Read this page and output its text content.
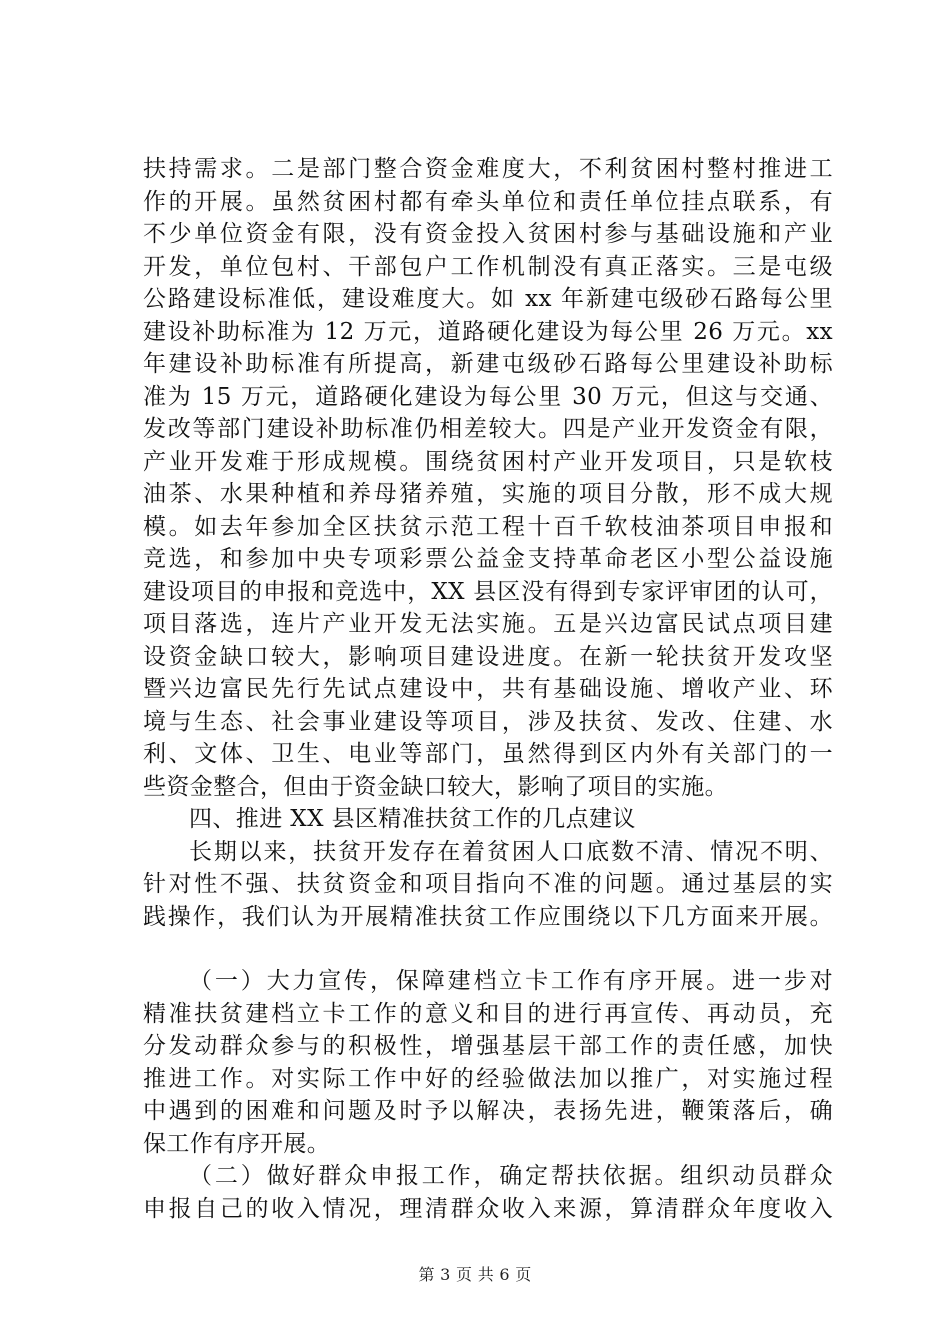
扶持需求。二是部门整合资金难度大，不利贫困村整村推进工
作的开展。虽然贫困村都有牵头单位和责任单位挂点联系，有
不少单位资金有限，没有资金投入贫困村参与基础设施和产业
开发，单位包村、干部包户工作机制没有真正落实。三是屯级
公路建设标准低，建设难度大。如 xx 年新建屯级砂石路每公里
建设补助标准为 12 万元，道路硬化建设为每公里 26 万元。xx
年建设补助标准有所提高，新建屯级砂石路每公里建设补助标
准为 15 万元，道路硬化建设为每公里 30 万元，但这与交通、
发改等部门建设补助标准仍相差较大。四是产业开发资金有限，
产业开发难于形成规模。围绕贫困村产业开发项目，只是软枝
油茶、水果种植和养母猪养殖，实施的项目分散，形不成大规
模。如去年参加全区扶贫示范工程十百千软枝油茶项目申报和
竞选，和参加中央专项彩票公益金支持革命老区小型公益设施
建设项目的申报和竞选中，XX 县区没有得到专家评审团的认可，
项目落选，连片产业开发无法实施。五是兴边富民试点项目建
设资金缺口较大，影响项目建设进度。在新一轮扶贫开发攻坚
暨兴边富民先行先试点建设中，共有基础设施、增收产业、环
境与生态、社会事业建设等项目，涉及扶贫、发改、住建、水
利、文体、卫生、电业等部门，虽然得到区内外有关部门的一
些资金整合，但由于资金缺口较大，影响了项目的实施。
四、推进 XX 县区精准扶贫工作的几点建议
长期以来，扶贫开发存在着贫困人口底数不清、情况不明、
针对性不强、扶贫资金和项目指向不准的问题。通过基层的实
践操作，我们认为开展精准扶贫工作应围绕以下几方面来开展。
（一）大力宣传，保障建档立卡工作有序开展。进一步对
精准扶贫建档立卡工作的意义和目的进行再宣传、再动员，充
分发动群众参与的积极性，增强基层干部工作的责任感，加快
推进工作。对实际工作中好的经验做法加以推广，对实施过程
中遇到的困难和问题及时予以解决，表扬先进，鞭策落后，确
保工作有序开展。
（二）做好群众申报工作，确定帮扶依据。组织动员群众
申报自己的收入情况，理清群众收入来源，算清群众年度收入
第 3 页 共 6 页
